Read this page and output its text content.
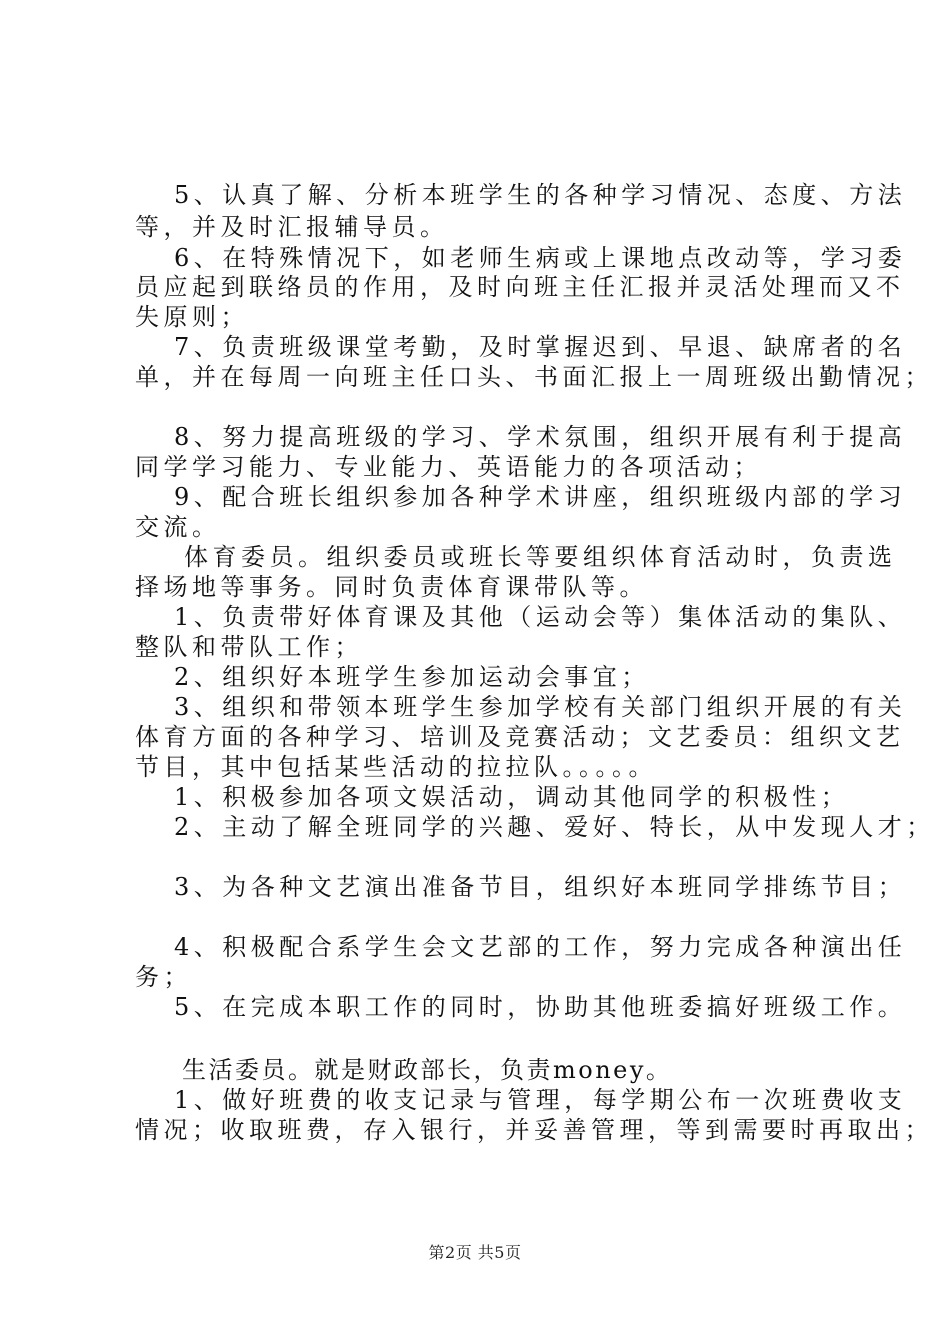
5、认真了解、分析本班学生的各种学习情况、态度、方法
等，并及时汇报辅导员。
6、在特殊情况下，如老师生病或上课地点改动等，学习委
员应起到联络员的作用，及时向班主任汇报并灵活处理而又不
失原则；
7、负责班级课堂考勤，及时掌握迟到、早退、缺席者的名
单，并在每周一向班主任口头、书面汇报上一周班级出勤情况；
8、努力提高班级的学习、学术氛围，组织开展有利于提高
同学学习能力、专业能力、英语能力的各项活动；
9、配合班长组织参加各种学术讲座，组织班级内部的学习
交流。
体育委员。组织委员或班长等要组织体育活动时，负责选
择场地等事务。同时负责体育课带队等。
1、负责带好体育课及其他（运动会等）集体活动的集队、
整队和带队工作；
2、组织好本班学生参加运动会事宜；
3、组织和带领本班学生参加学校有关部门组织开展的有关
体育方面的各种学习、培训及竞赛活动；文艺委员：组织文艺
节目，其中包括某些活动的拉拉队。。。。。
1、积极参加各项文娱活动，调动其他同学的积极性；
2、主动了解全班同学的兴趣、爱好、特长，从中发现人才；
3、为各种文艺演出准备节目，组织好本班同学排练节目；
4、积极配合系学生会文艺部的工作，努力完成各种演出任
务；
5、在完成本职工作的同时，协助其他班委搞好班级工作。
生活委员。就是财政部长，负责money。
1、做好班费的收支记录与管理，每学期公布一次班费收支
情况；收取班费，存入银行，并妥善管理，等到需要时再取出；
第2页 共5页
